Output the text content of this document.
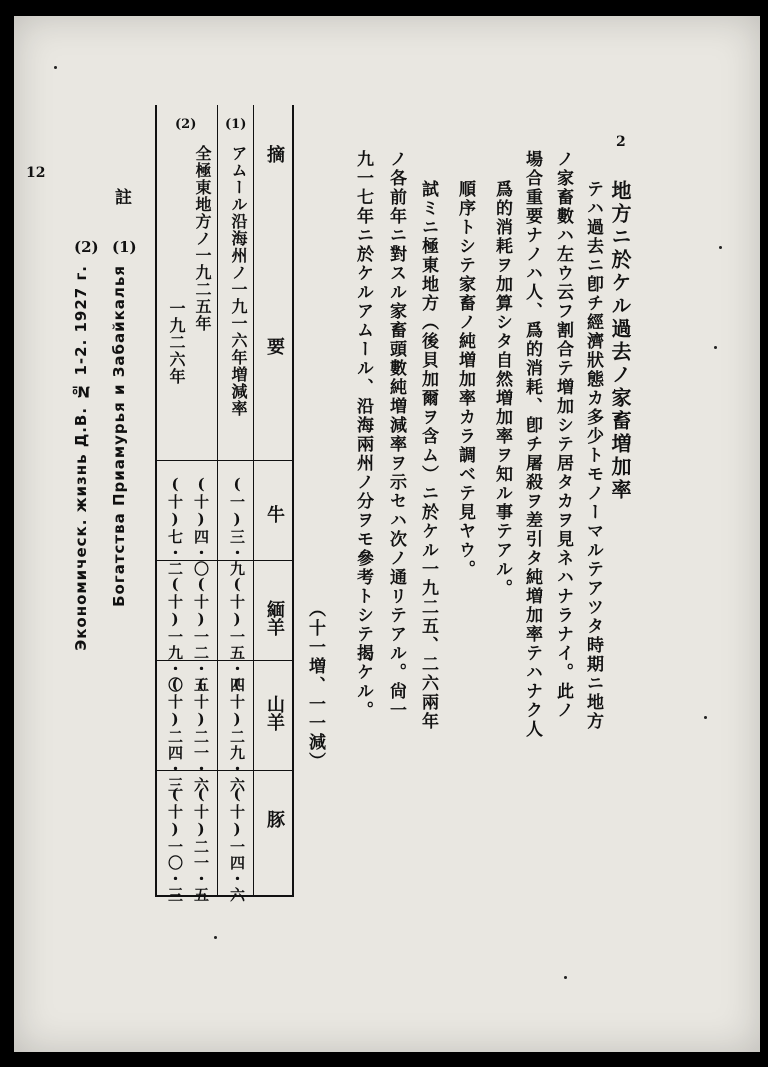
2
12
地方ニ於ケル過去ノ家畜増加率
テハ過去ニ卽チ經濟狀態カ多少トモノーマルテアツタ時期ニ地方
ノ家畜數ハ左ウ云フ割合テ増加シテ居タカヲ見ネハナラナイ。此ノ
場合重要ナノハ人、爲的消耗、卽チ屠殺ヲ差引タ純増加率テハナク人
爲的消耗ヲ加算シタ自然増加率ヲ知ル事テアル。
順序トシテ家畜ノ純増加率カラ調ベテ見ヤウ。
試ミニ極東地方（後貝加爾ヲ含ム）ニ於ケル一九二五、二六兩年
ノ各前年ニ對スル家畜頭數純増減率ヲ示セハ次ノ通リテアル。尙一
九一七年ニ於ケルアムール、沿海兩州ノ分ヲモ參考トシテ揭ケル。
（十一増、一一減）
摘　　　要
牛
緬羊
山羊
豚
(1)
アムール沿海州ノ一九一六年増減率
(一)三・九
(十)一五・四
(十)二九・六
(十)一四・六
(2)
全極東地方ノ一九二五年
一九二六年
(十)四・〇
(十)一二・五
(十)二一・六
(十)二一・五
(十)七・二
(十)一九・〇
(十)二四・三
(十)一〇・三
註
(1)
Богатства Приамурья и Забайкалья
(2)
Экономическ. жизнь Д.В. № 1-2. 1927 г.
